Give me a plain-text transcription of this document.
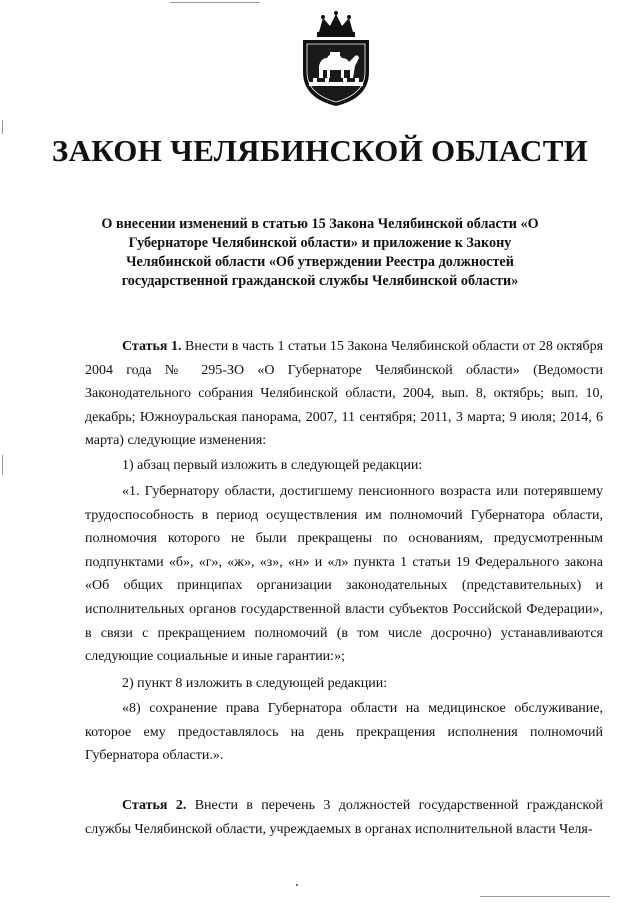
ЗАКОН ЧЕЛЯБИНСКОЙ ОБЛАСТИ

О внесении изменений в статью 15 Закона Челябинской области «О Губернаторе Челябинской области» и приложение к Закону Челябинской области «Об утверждении Реестра должностей государственной гражданской службы Челябинской области»

Статья 1. Внести в часть 1 статьи 15 Закона Челябинской области от 28 октября 2004 года № 295-ЗО «О Губернаторе Челябинской области» (Ведомости Законодательного собрания Челябинской области, 2004, вып. 8, октябрь; вып. 10, декабрь; Южноуральская панорама, 2007, 11 сентября; 2011, 3 марта; 9 июля; 2014, 6 марта) следующие изменения:

1) абзац первый изложить в следующей редакции:

«1. Губернатору области, достигшему пенсионного возраста или потерявшему трудоспособность в период осуществления им полномочий Губернатора области, полномочия которого не были прекращены по основаниям, предусмотренным подпунктами «б», «г», «ж», «з», «н» и «л» пункта 1 статьи 19 Федерального закона «Об общих принципах организации законодательных (представительных) и исполнительных органов государственной власти субъектов Российской Федерации», в связи с прекращением полномочий (в том числе досрочно) устанавливаются следующие социальные и иные гарантии:»;

2) пункт 8 изложить в следующей редакции:

«8) сохранение права Губернатора области на медицинское обслуживание, которое ему предоставлялось на день прекращения исполнения полномочий Губернатора области.».

Статья 2. Внести в перечень 3 должностей государственной гражданской службы Челябинской области, учреждаемых в органах исполнительной власти Челя-
